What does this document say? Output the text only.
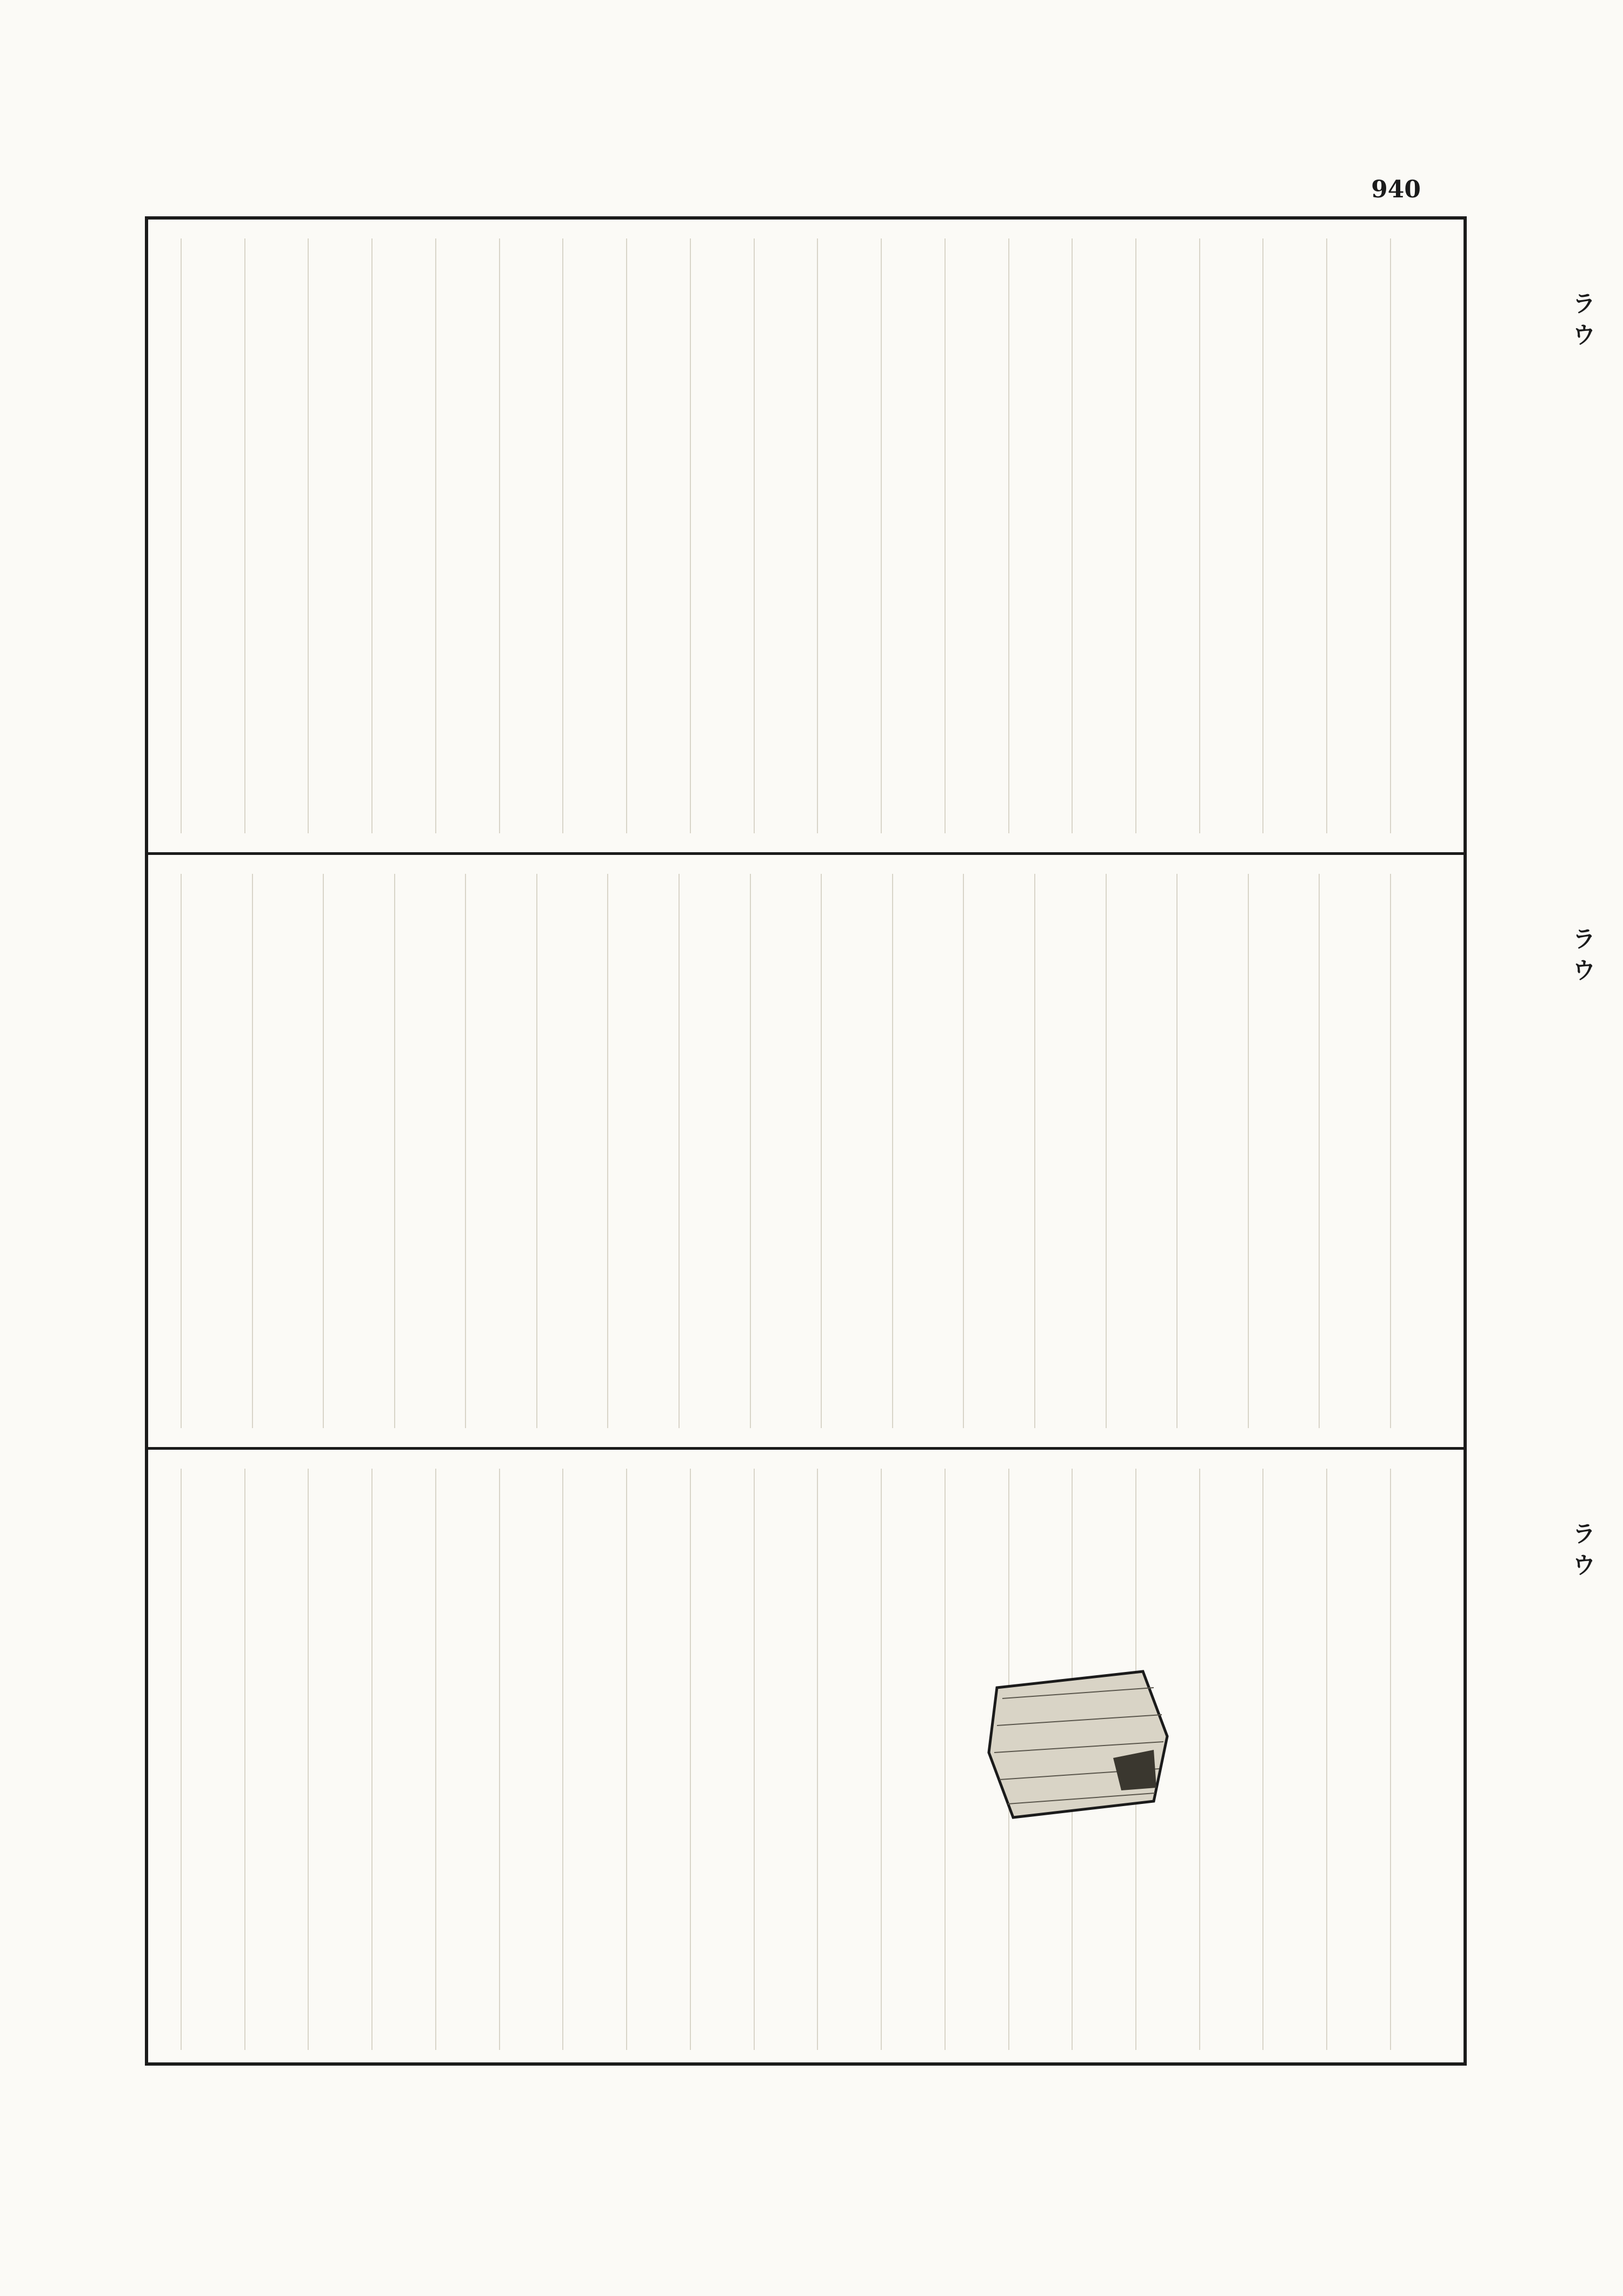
940
ラウ
ラウ
ラウ
